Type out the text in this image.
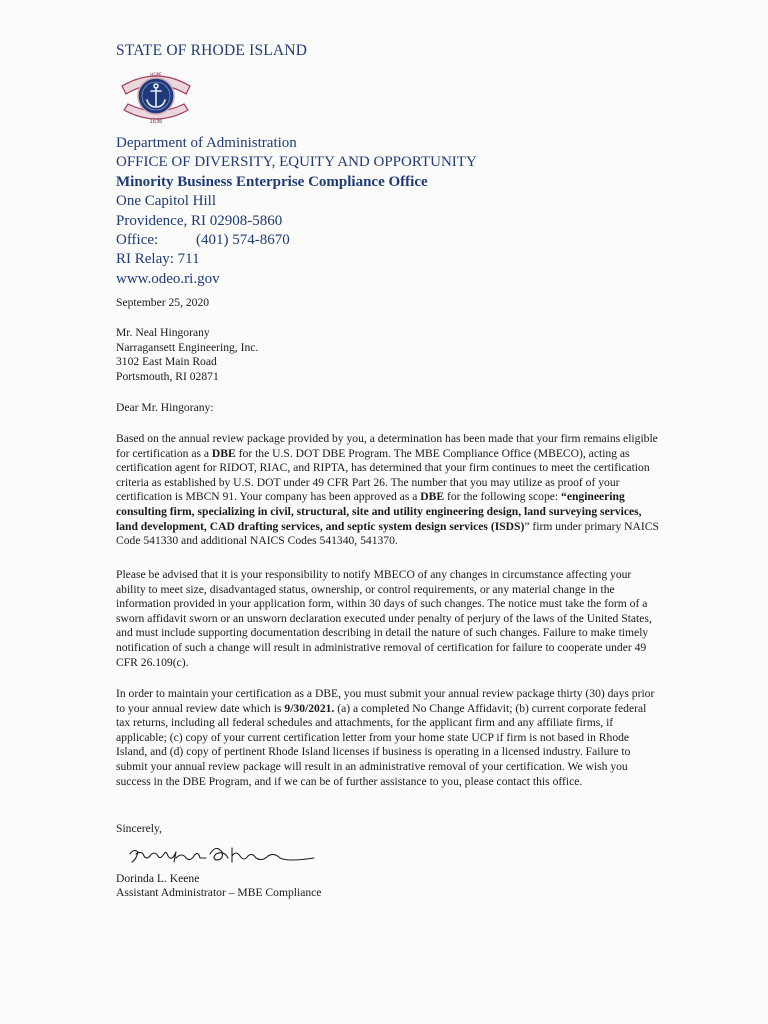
STATE OF RHODE ISLAND
1636
HOPE
Department of Administration
OFFICE OF DIVERSITY, EQUITY AND OPPORTUNITY
Minority Business Enterprise Compliance Office
One Capitol Hill
Providence, RI 02908-5860
Office:	(401) 574-8670
RI Relay: 711
www.odeo.ri.gov
September 25, 2020
Mr. Neal Hingorany
Narragansett Engineering, Inc.
3102 East Main Road
Portsmouth, RI 02871
Dear Mr. Hingorany:
Based on the annual review package provided by you, a determination has been made that your firm remains eligible for certification as a DBE for the U.S. DOT DBE Program. The MBE Compliance Office (MBECO), acting as certification agent for RIDOT, RIAC, and RIPTA, has determined that your firm continues to meet the certification criteria as established by U.S. DOT under 49 CFR Part 26. The number that you may utilize as proof of your certification is MBCN 91. Your company has been approved as a DBE for the following scope: “engineering consulting firm, specializing in civil, structural, site and utility engineering design, land surveying services, land development, CAD drafting services, and septic system design services (ISDS)” firm under primary NAICS Code 541330 and additional NAICS Codes 541340, 541370.
Please be advised that it is your responsibility to notify MBECO of any changes in circumstance affecting your ability to meet size, disadvantaged status, ownership, or control requirements, or any material change in the information provided in your application form, within 30 days of such changes. The notice must take the form of a sworn affidavit sworn or an unsworn declaration executed under penalty of perjury of the laws of the United States, and must include supporting documentation describing in detail the nature of such changes. Failure to make timely notification of such a change will result in administrative removal of certification for failure to cooperate under 49 CFR 26.109(c).
In order to maintain your certification as a DBE, you must submit your annual review package thirty (30) days prior to your annual review date which is 9/30/2021. (a) a completed No Change Affidavit; (b) current corporate federal tax returns, including all federal schedules and attachments, for the applicant firm and any affiliate firms, if applicable; (c) copy of your current certification letter from your home state UCP if firm is not based in Rhode Island, and (d) copy of pertinent Rhode Island licenses if business is operating in a licensed industry. Failure to submit your annual review package will result in an administrative removal of your certification. We wish you success in the DBE Program, and if we can be of further assistance to you, please contact this office.
Sincerely,
Dorinda L. Keene
Assistant Administrator – MBE Compliance
